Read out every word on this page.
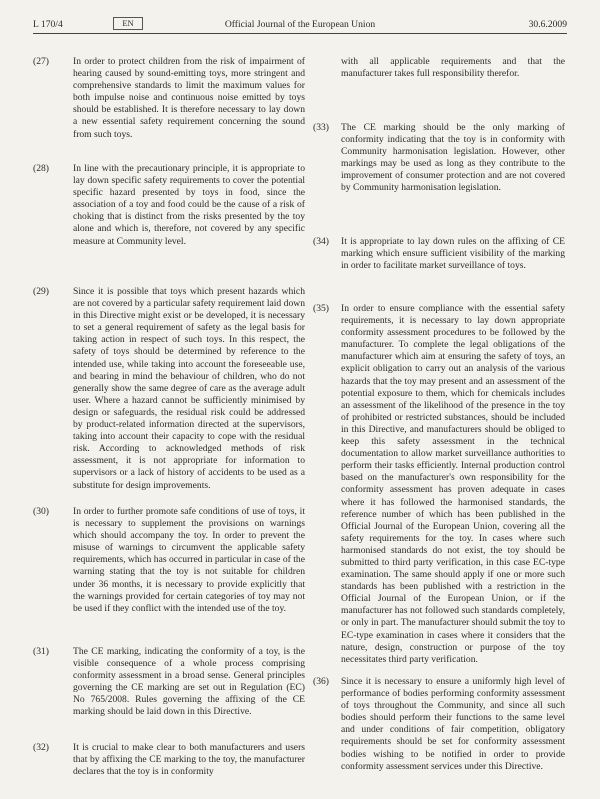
L 170/4	EN	Official Journal of the European Union	30.6.2009
(27)	In order to protect children from the risk of impairment of hearing caused by sound-emitting toys, more stringent and comprehensive standards to limit the maximum values for both impulse noise and continuous noise emitted by toys should be established. It is therefore necessary to lay down a new essential safety requirement concerning the sound from such toys.
(28)	In line with the precautionary principle, it is appropriate to lay down specific safety requirements to cover the potential specific hazard presented by toys in food, since the association of a toy and food could be the cause of a risk of choking that is distinct from the risks presented by the toy alone and which is, therefore, not covered by any specific measure at Community level.
(29)	Since it is possible that toys which present hazards which are not covered by a particular safety requirement laid down in this Directive might exist or be developed, it is necessary to set a general requirement of safety as the legal basis for taking action in respect of such toys. In this respect, the safety of toys should be determined by reference to the intended use, while taking into account the foreseeable use, and bearing in mind the behaviour of children, who do not generally show the same degree of care as the average adult user. Where a hazard cannot be sufficiently minimised by design or safeguards, the residual risk could be addressed by product-related information directed at the supervisors, taking into account their capacity to cope with the residual risk. According to acknowledged methods of risk assessment, it is not appropriate for information to supervisors or a lack of history of accidents to be used as a substitute for design improvements.
(30)	In order to further promote safe conditions of use of toys, it is necessary to supplement the provisions on warnings which should accompany the toy. In order to prevent the misuse of warnings to circumvent the applicable safety requirements, which has occurred in particular in case of the warning stating that the toy is not suitable for children under 36 months, it is necessary to provide explicitly that the warnings provided for certain categories of toy may not be used if they conflict with the intended use of the toy.
(31)	The CE marking, indicating the conformity of a toy, is the visible consequence of a whole process comprising conformity assessment in a broad sense. General principles governing the CE marking are set out in Regulation (EC) No 765/2008. Rules governing the affixing of the CE marking should be laid down in this Directive.
(32)	It is crucial to make clear to both manufacturers and users that by affixing the CE marking to the toy, the manufacturer declares that the toy is in conformity
with all applicable requirements and that the manufacturer takes full responsibility therefor.
(33)	The CE marking should be the only marking of conformity indicating that the toy is in conformity with Community harmonisation legislation. However, other markings may be used as long as they contribute to the improvement of consumer protection and are not covered by Community harmonisation legislation.
(34)	It is appropriate to lay down rules on the affixing of CE marking which ensure sufficient visibility of the marking in order to facilitate market surveillance of toys.
(35)	In order to ensure compliance with the essential safety requirements, it is necessary to lay down appropriate conformity assessment procedures to be followed by the manufacturer. To complete the legal obligations of the manufacturer which aim at ensuring the safety of toys, an explicit obligation to carry out an analysis of the various hazards that the toy may present and an assessment of the potential exposure to them, which for chemicals includes an assessment of the likelihood of the presence in the toy of prohibited or restricted substances, should be included in this Directive, and manufacturers should be obliged to keep this safety assessment in the technical documentation to allow market surveillance authorities to perform their tasks efficiently. Internal production control based on the manufacturer's own responsibility for the conformity assessment has proven adequate in cases where it has followed the harmonised standards, the reference number of which has been published in the Official Journal of the European Union, covering all the safety requirements for the toy. In cases where such harmonised standards do not exist, the toy should be submitted to third party verification, in this case EC-type examination. The same should apply if one or more such standards has been published with a restriction in the Official Journal of the European Union, or if the manufacturer has not followed such standards completely, or only in part. The manufacturer should submit the toy to EC-type examination in cases where it considers that the nature, design, construction or purpose of the toy necessitates third party verification.
(36)	Since it is necessary to ensure a uniformly high level of performance of bodies performing conformity assessment of toys throughout the Community, and since all such bodies should perform their functions to the same level and under conditions of fair competition, obligatory requirements should be set for conformity assessment bodies wishing to be notified in order to provide conformity assessment services under this Directive.
